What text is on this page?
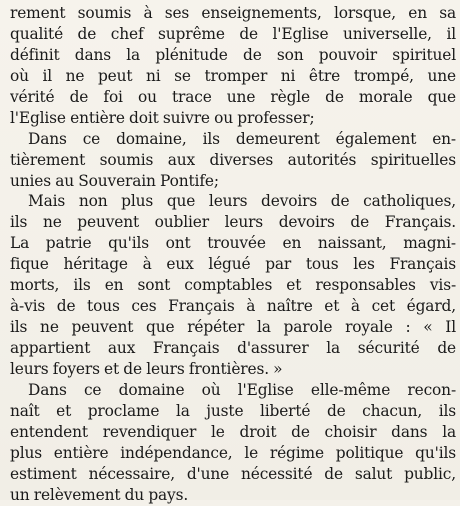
rement soumis à ses enseignements, lorsque, en sa
qualité de chef suprême de l'Eglise universelle, il
définit dans la plénitude de son pouvoir spirituel
où il ne peut ni se tromper ni être trompé, une
vérité de foi ou trace une règle de morale que
l'Eglise entière doit suivre ou professer;
Dans ce domaine, ils demeurent également en-
tièrement soumis aux diverses autorités spirituelles
unies au Souverain Pontife;
Mais non plus que leurs devoirs de catholiques,
ils ne peuvent oublier leurs devoirs de Français.
La patrie qu'ils ont trouvée en naissant, magni-
fique héritage à eux légué par tous les Français
morts, ils en sont comptables et responsables vis-
à-vis de tous ces Français à naître et à cet égard,
ils ne peuvent que répéter la parole royale : « Il
appartient aux Français d'assurer la sécurité de
leurs foyers et de leurs frontières. »
Dans ce domaine où l'Eglise elle-même recon-
naît et proclame la juste liberté de chacun, ils
entendent revendiquer le droit de choisir dans la
plus entière indépendance, le régime politique qu'ils
estiment nécessaire, d'une nécessité de salut public,
un relèvement du pays.
